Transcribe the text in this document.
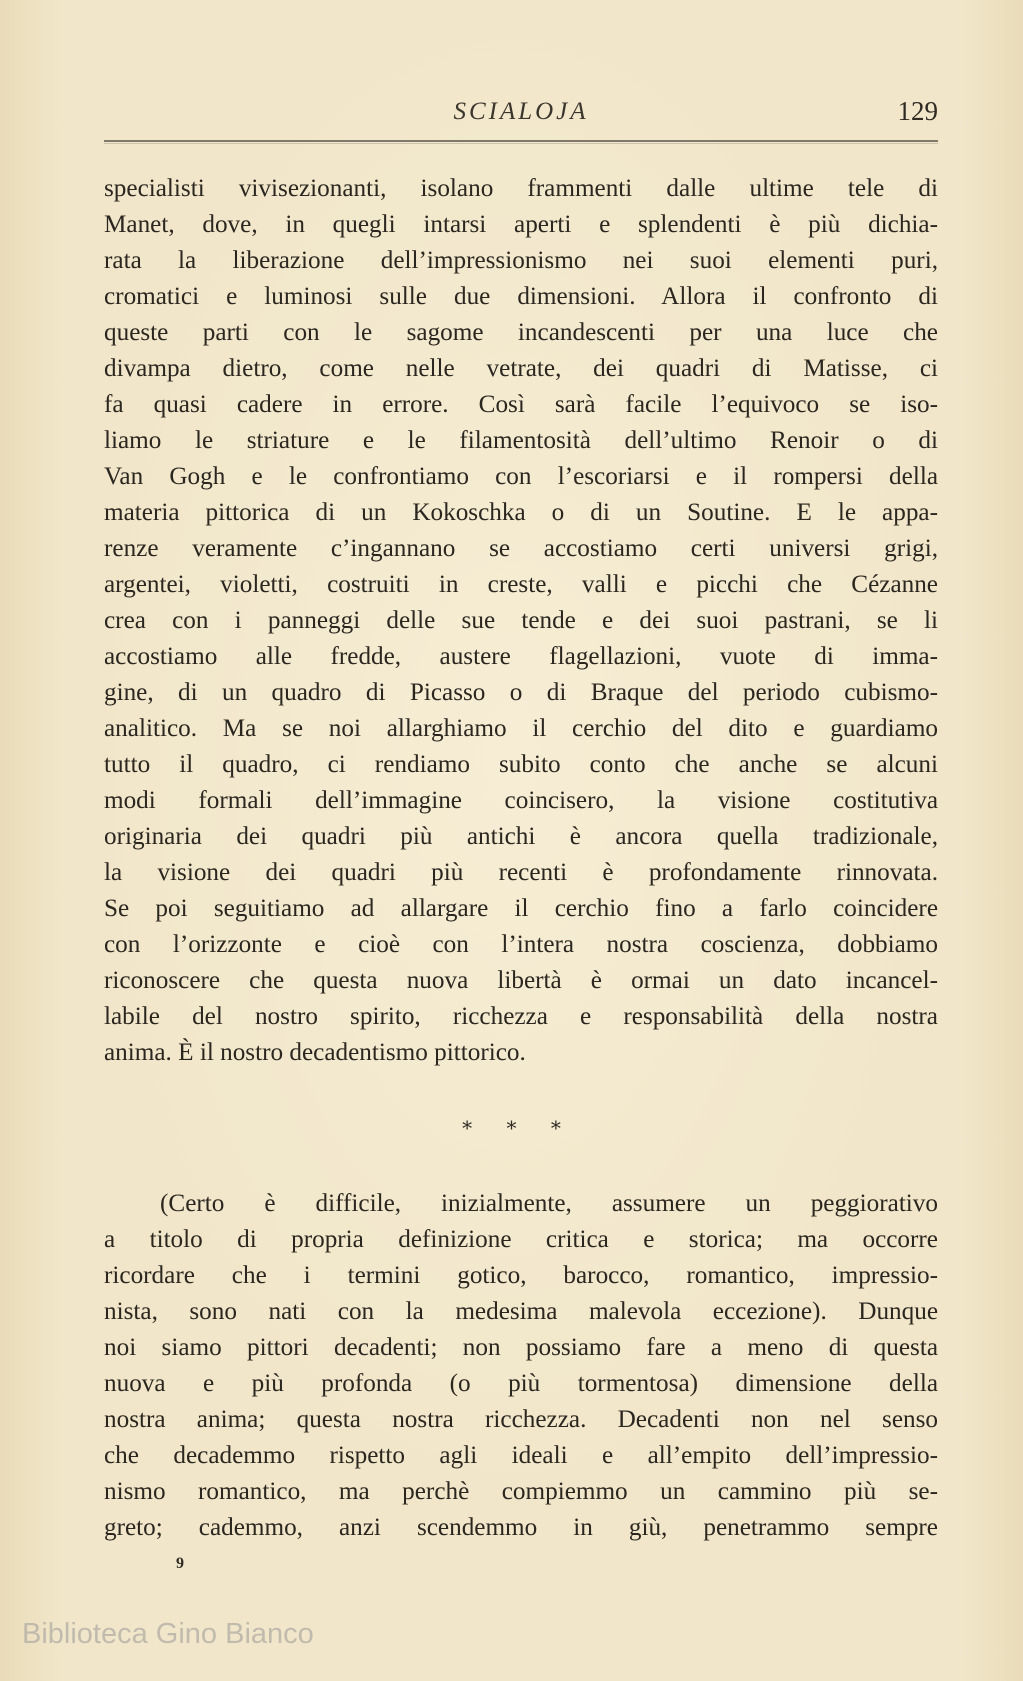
SCIALOJA	129
specialisti vivisezionanti, isolano frammenti dalle ultime tele di
Manet, dove, in quegli intarsi aperti e splendenti è più dichia-
rata la liberazione dell’impressionismo nei suoi elementi puri,
cromatici e luminosi sulle due dimensioni. Allora il confronto di
queste parti con le sagome incandescenti per una luce che
divampa dietro, come nelle vetrate, dei quadri di Matisse, ci
fa quasi cadere in errore. Così sarà facile l’equivoco se iso-
liamo le striature e le filamentosità dell’ultimo Renoir o di
Van Gogh e le confrontiamo con l’escoriarsi e il rompersi della
materia pittorica di un Kokoschka o di un Soutine. E le appa-
renze veramente c’ingannano se accostiamo certi universi grigi,
argentei, violetti, costruiti in creste, valli e picchi che Cézanne
crea con i panneggi delle sue tende e dei suoi pastrani, se li
accostiamo alle fredde, austere flagellazioni, vuote di imma-
gine, di un quadro di Picasso o di Braque del periodo cubismo-
analitico. Ma se noi allarghiamo il cerchio del dito e guardiamo
tutto il quadro, ci rendiamo subito conto che anche se alcuni
modi formali dell’immagine coincisero, la visione costitutiva
originaria dei quadri più antichi è ancora quella tradizionale,
la visione dei quadri più recenti è profondamente rinnovata.
Se poi seguitiamo ad allargare il cerchio fino a farlo coincidere
con l’orizzonte e cioè con l’intera nostra coscienza, dobbiamo
riconoscere che questa nuova libertà è ormai un dato incancel-
labile del nostro spirito, ricchezza e responsabilità della nostra
anima. È il nostro decadentismo pittorico.
* * *
(Certo è difficile, inizialmente, assumere un peggiorativo
a titolo di propria definizione critica e storica; ma occorre
ricordare che i termini gotico, barocco, romantico, impressio-
nista, sono nati con la medesima malevola eccezione). Dunque
noi siamo pittori decadenti; non possiamo fare a meno di questa
nuova e più profonda (o più tormentosa) dimensione della
nostra anima; questa nostra ricchezza. Decadenti non nel senso
che decademmo rispetto agli ideali e all’empito dell’impressio-
nismo romantico, ma perchè compiemmo un cammino più se-
greto; cademmo, anzi scendemmo in giù, penetrammo sempre
9
Biblioteca Gino Bianco
